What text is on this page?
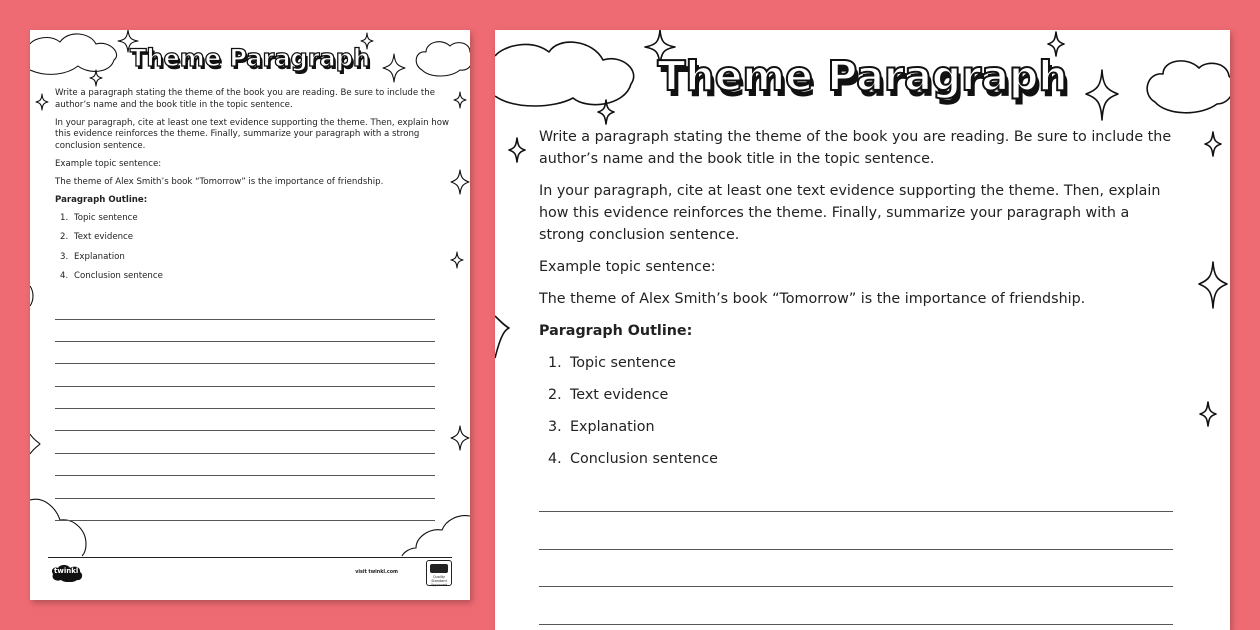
Theme Paragraph

Write a paragraph stating the theme of the book you are reading. Be sure to include the author’s name and the book title in the topic sentence.

In your paragraph, cite at least one text evidence supporting the theme. Then, explain how this evidence reinforces the theme. Finally, summarize your paragraph with a strong conclusion sentence.

Example topic sentence:

The theme of Alex Smith’s book “Tomorrow” is the importance of friendship.

Paragraph Outline:

1. Topic sentence
2. Text evidence
3. Explanation
4. Conclusion sentence
twinkl	visit twinkl.com
Quality Standard Approved
Theme Paragraph

Write a paragraph stating the theme of the book you are reading. Be sure to include the author’s name and the book title in the topic sentence.

In your paragraph, cite at least one text evidence supporting the theme. Then, explain how this evidence reinforces the theme. Finally, summarize your paragraph with a strong conclusion sentence.

Example topic sentence:

The theme of Alex Smith’s book “Tomorrow” is the importance of friendship.

Paragraph Outline:

1. Topic sentence
2. Text evidence
3. Explanation
4. Conclusion sentence
